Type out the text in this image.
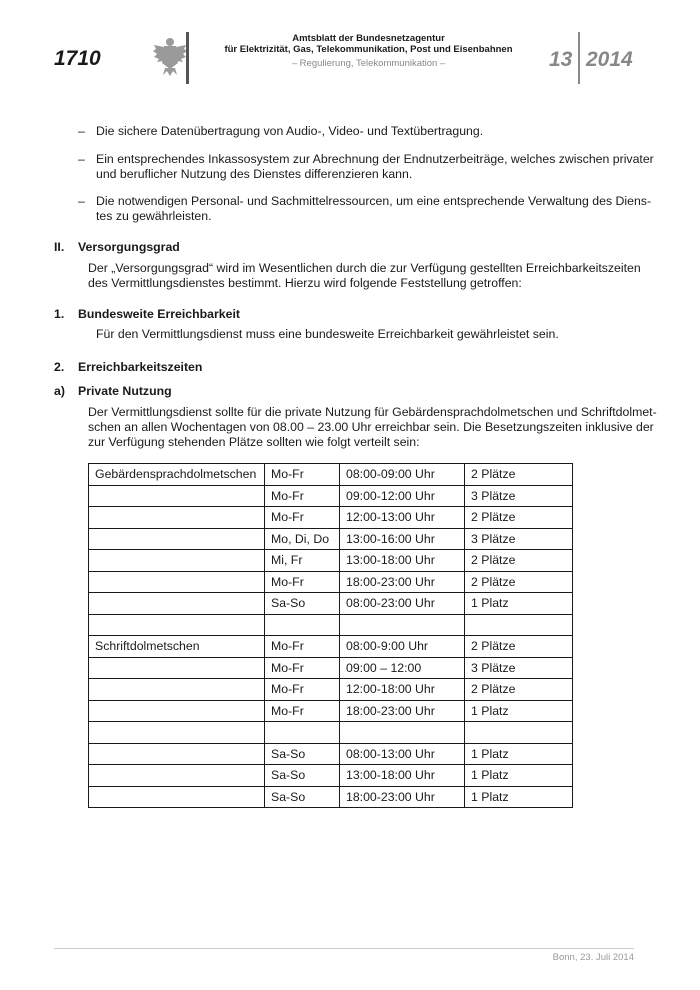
1710
Amtsblatt der Bundesnetzagentur
für Elektrizität, Gas, Telekommunikation, Post und Eisenbahnen
– Regulierung, Telekommunikation –	13 2014
– Die sichere Datenübertragung von Audio-, Video- und Textübertragung.
– Ein entsprechendes Inkassosystem zur Abrechnung der Endnutzerbeiträge, welches zwischen privater
und beruflicher Nutzung des Dienstes differenzieren kann.
– Die notwendigen Personal- und Sachmittelressourcen, um eine entsprechende Verwaltung des Diens-
tes zu gewährleisten.
II. Versorgungsgrad
Der „Versorgungsgrad“ wird im Wesentlichen durch die zur Verfügung gestellten Erreichbarkeitszeiten
des Vermittlungsdienstes bestimmt. Hierzu wird folgende Feststellung getroffen:
1. Bundesweite Erreichbarkeit
Für den Vermittlungsdienst muss eine bundesweite Erreichbarkeit gewährleistet sein.
2. Erreichbarkeitszeiten
a) Private Nutzung
Der Vermittlungsdienst sollte für die private Nutzung für Gebärdensprachdolmetschen und Schriftdolmet-
schen an allen Wochentagen von 08.00 – 23.00 Uhr erreichbar sein. Die Besetzungszeiten inklusive der
zur Verfügung stehenden Plätze sollten wie folgt verteilt sein:
Gebärdensprachdolmetschen	Mo-Fr	08:00-09:00 Uhr	2 Plätze
	Mo-Fr	09:00-12:00 Uhr	3 Plätze
	Mo-Fr	12:00-13:00 Uhr	2 Plätze
	Mo, Di, Do	13:00-16:00 Uhr	3 Plätze
	Mi, Fr	13:00-18:00 Uhr	2 Plätze
	Mo-Fr	18:00-23:00 Uhr	2 Plätze
	Sa-So	08:00-23:00 Uhr	1 Platz

Schriftdolmetschen	Mo-Fr	08:00-9:00 Uhr	2 Plätze
	Mo-Fr	09:00 – 12:00	3 Plätze
	Mo-Fr	12:00-18:00 Uhr	2 Plätze
	Mo-Fr	18:00-23:00 Uhr	1 Platz

	Sa-So	08:00-13:00 Uhr	1 Platz
	Sa-So	13:00-18:00 Uhr	1 Platz
	Sa-So	18:00-23:00 Uhr	1 Platz
Bonn, 23. Juli 2014
